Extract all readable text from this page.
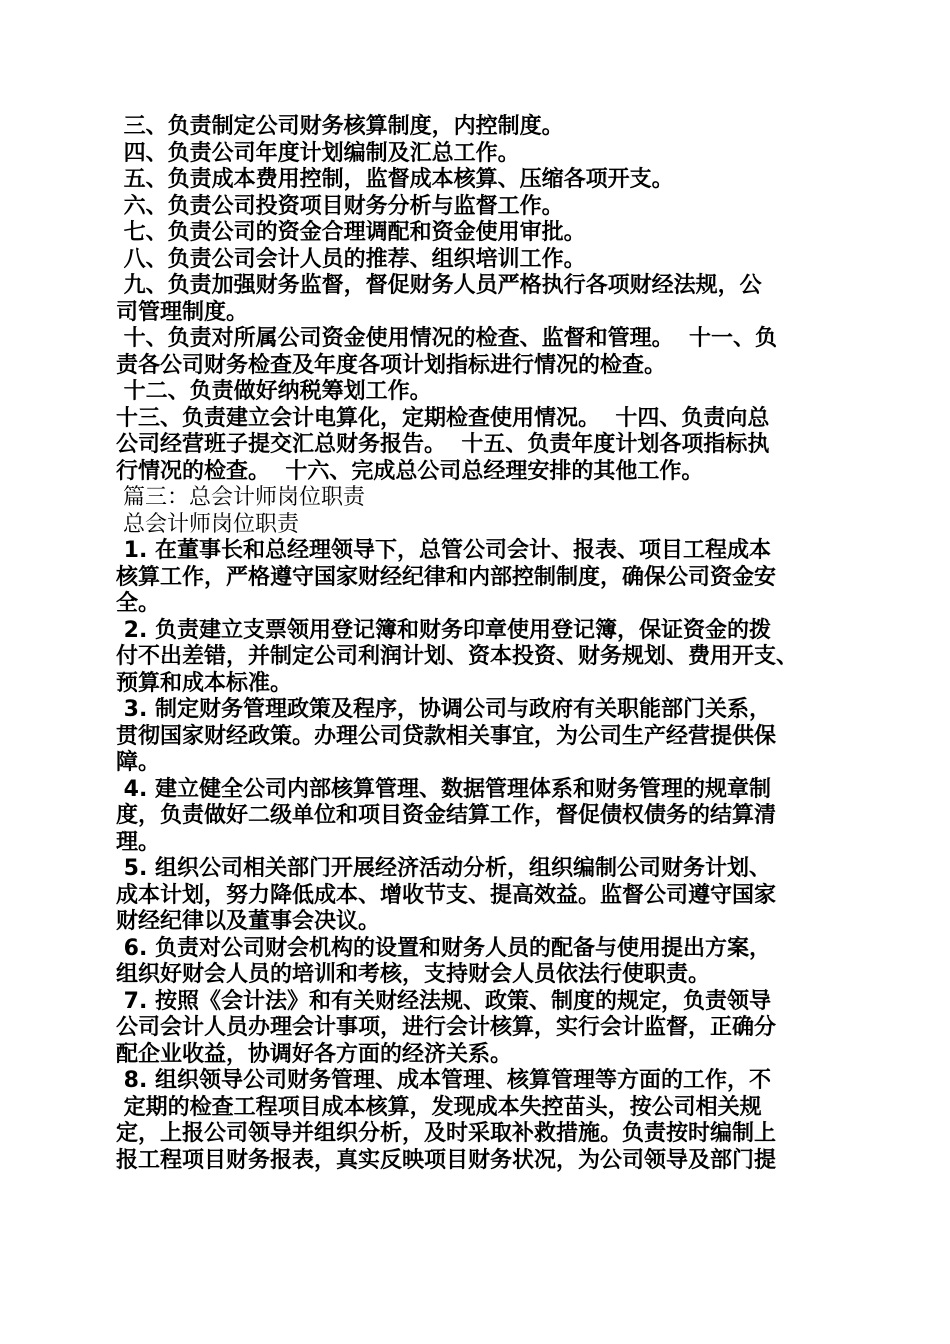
三、负责制定公司财务核算制度，内控制度。
四、负责公司年度计划编制及汇总工作。
五、负责成本费用控制，监督成本核算、压缩各项开支。
六、负责公司投资项目财务分析与监督工作。
七、负责公司的资金合理调配和资金使用审批。
八、负责公司会计人员的推荐、组织培训工作。
九、负责加强财务监督，督促财务人员严格执行各项财经法规，公
司管理制度。
十、负责对所属公司资金使用情况的检查、监督和管理。  十一、负
责各公司财务检查及年度各项计划指标进行情况的检查。
十二、负责做好纳税筹划工作。
十三、负责建立会计电算化，定期检查使用情况。  十四、负责向总
公司经营班子提交汇总财务报告。  十五、负责年度计划各项指标执
行情况的检查。  十六、完成总公司总经理安排的其他工作。
篇三：总会计师岗位职责
总会计师岗位职责
1. 在董事长和总经理领导下，总管公司会计、报表、项目工程成本
核算工作，严格遵守国家财经纪律和内部控制制度，确保公司资金安
全。
2. 负责建立支票领用登记簿和财务印章使用登记簿，保证资金的拨
付不出差错，并制定公司利润计划、资本投资、财务规划、费用开支、
预算和成本标准。
3. 制定财务管理政策及程序，协调公司与政府有关职能部门关系，
贯彻国家财经政策。办理公司贷款相关事宜，为公司生产经营提供保
障。
4. 建立健全公司内部核算管理、数据管理体系和财务管理的规章制
度，负责做好二级单位和项目资金结算工作，督促债权债务的结算清
理。
5. 组织公司相关部门开展经济活动分析，组织编制公司财务计划、
成本计划，努力降低成本、增收节支、提高效益。监督公司遵守国家
财经纪律以及董事会决议。
6. 负责对公司财会机构的设置和财务人员的配备与使用提出方案，
组织好财会人员的培训和考核，支持财会人员依法行使职责。
7. 按照《会计法》和有关财经法规、政策、制度的规定，负责领导
公司会计人员办理会计事项，进行会计核算，实行会计监督，正确分
配企业收益，协调好各方面的经济关系。
8. 组织领导公司财务管理、成本管理、核算管理等方面的工作，不
定期的检查工程项目成本核算，发现成本失控苗头，按公司相关规
定，上报公司领导并组织分析，及时采取补救措施。负责按时编制上
报工程项目财务报表，真实反映项目财务状况，为公司领导及部门提
